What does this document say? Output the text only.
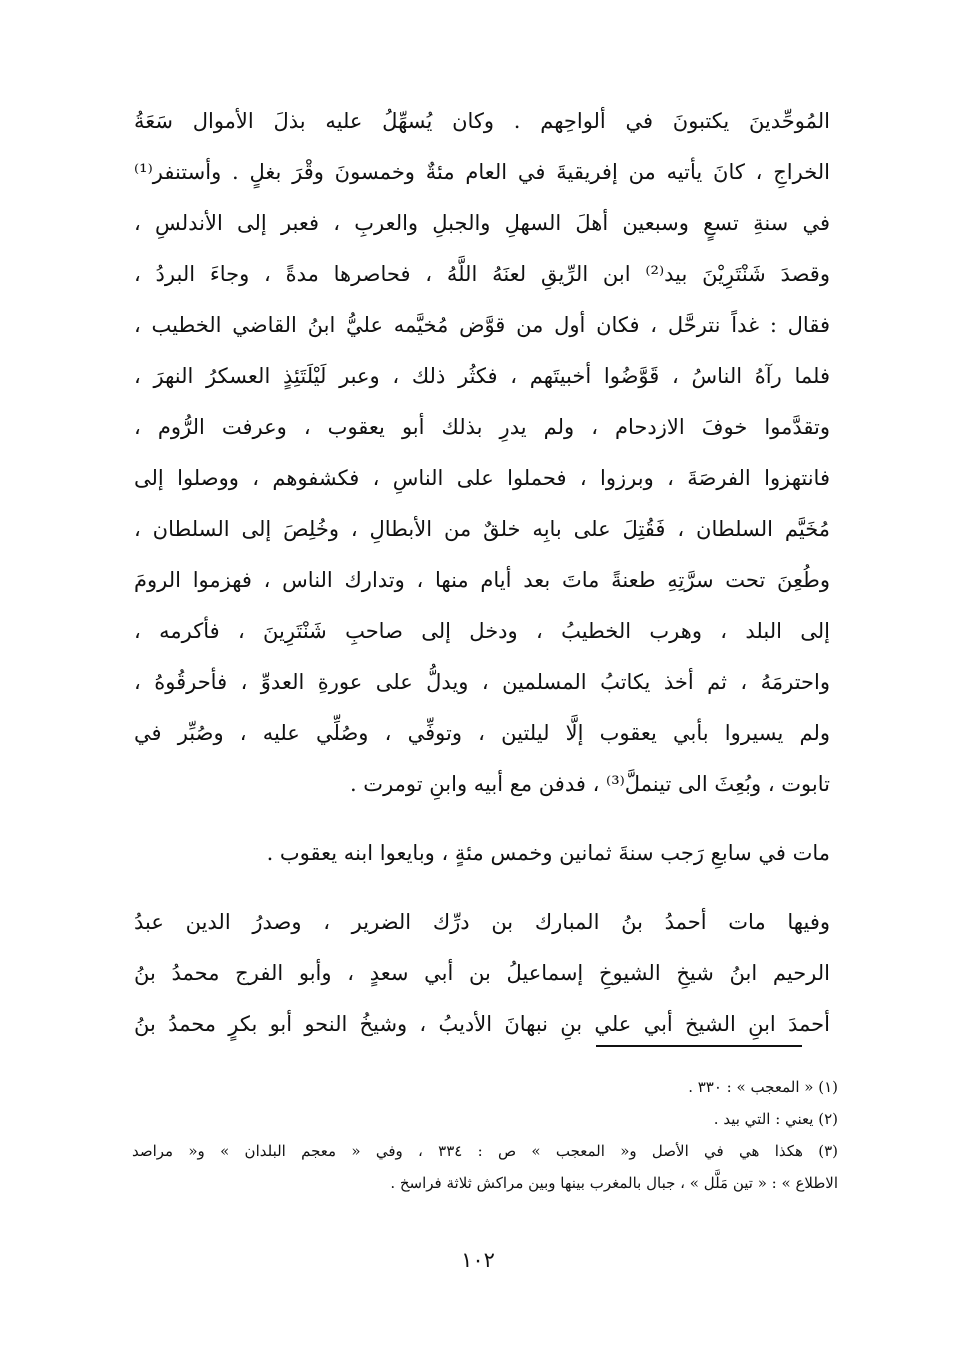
المُوحِّدينَ يكتبونَ في ألواحِهم . وكان يُسهِّلُ عليه بذلَ الأموال سَعَةُ
الخراجِ ، كانَ يأتيه من إفريقيةَ في العام مئةٌ وخمسونَ وقْرَ بغلٍ . وأستنفر⁽¹⁾
في سنةِ تسعٍ وسبعين أهلَ السهلِ والجبلِ والعربِ ، فعبر إلى الأندلسِ ،
وقصدَ شَنْتَرِيْنَ بيد⁽²⁾ ابن الرِّيقِ لعنَهُ اللَّهُ ، فحاصرها مدةً ، وجاءَ البردُ ،
فقال : غداً نترحَّل ، فكان أول من قوَّض مُخيَّمه عليُّ ابنُ القاضي الخطيب ،
فلما رآهُ الناسُ ، قَوَّضُوا أخبيتَهم ، فكثُر ذلك ، وعبر لَيْلَتَئِذٍ العسكرُ النهرَ ،
وتقدَّموا خوفَ الازدحام ، ولم يدرِ بذلك أبو يعقوب ، وعرفت الرُّوم ،
فانتهزوا الفرصَةَ ، وبرزوا ، فحملوا على الناسِ ، فكشفوهم ، ووصلوا إلى
مُخَيَّم السلطان ، فَقُتِلَ على بابِه خلقٌ من الأبطالِ ، وخُلِصَ إلى السلطان ،
وطُعِنَ تحت سرَّتِهِ طعنةً ماتَ بعد أيام منها ، وتدارك الناس ، فهزموا الرومَ
إلى البلد ، وهرب الخطيبُ ، ودخل إلى صاحبِ شَنْتَرِينَ ، فأكرمه ،
واحترمَهُ ، ثم أخذ يكاتبُ المسلمين ، ويدلُّ على عورةِ العدوِّ ، فأحرقُوهُ ،
ولم يسيروا بأبي يعقوب إلَّا ليلتين ، وتوفِّي ، وصُلِّي عليه ، وصُبِّر في
تابوت ، وبُعِثَ الى تينملَّ⁽³⁾ ، فدفن مع أبيه وابنِ تومرت .
مات في سابعِ رَجب سنةَ ثمانين وخمس مئةٍ ، وبايعوا ابنه يعقوب .
وفيها مات أحمدُ بنُ المبارك بن درِّك الضرير ، وصدرُ الدين عبدُ
الرحيم ابنُ شيخِ الشيوخِ إسماعيلُ بن أبي سعدٍ ، وأبو الفرج محمدُ بنُ
أحمدَ ابنِ الشيخ أبي علي بنِ نبهانَ الأديبُ ، وشيخُ النحو أبو بكرٍ محمدُ بنُ
(١) « المعجب » : ٣٣٠ .
(٢) يعني : التي بيد .
(٣) هكذا هي في الأصل و« المعجب » ص : ٣٣٤ ، وفي « معجم البلدان » و« مراصد
الاطلاع » : « تين مَلَّل » ، جبال بالمغرب بينها وبين مراكش ثلاثة فراسخ .
١٠٢
